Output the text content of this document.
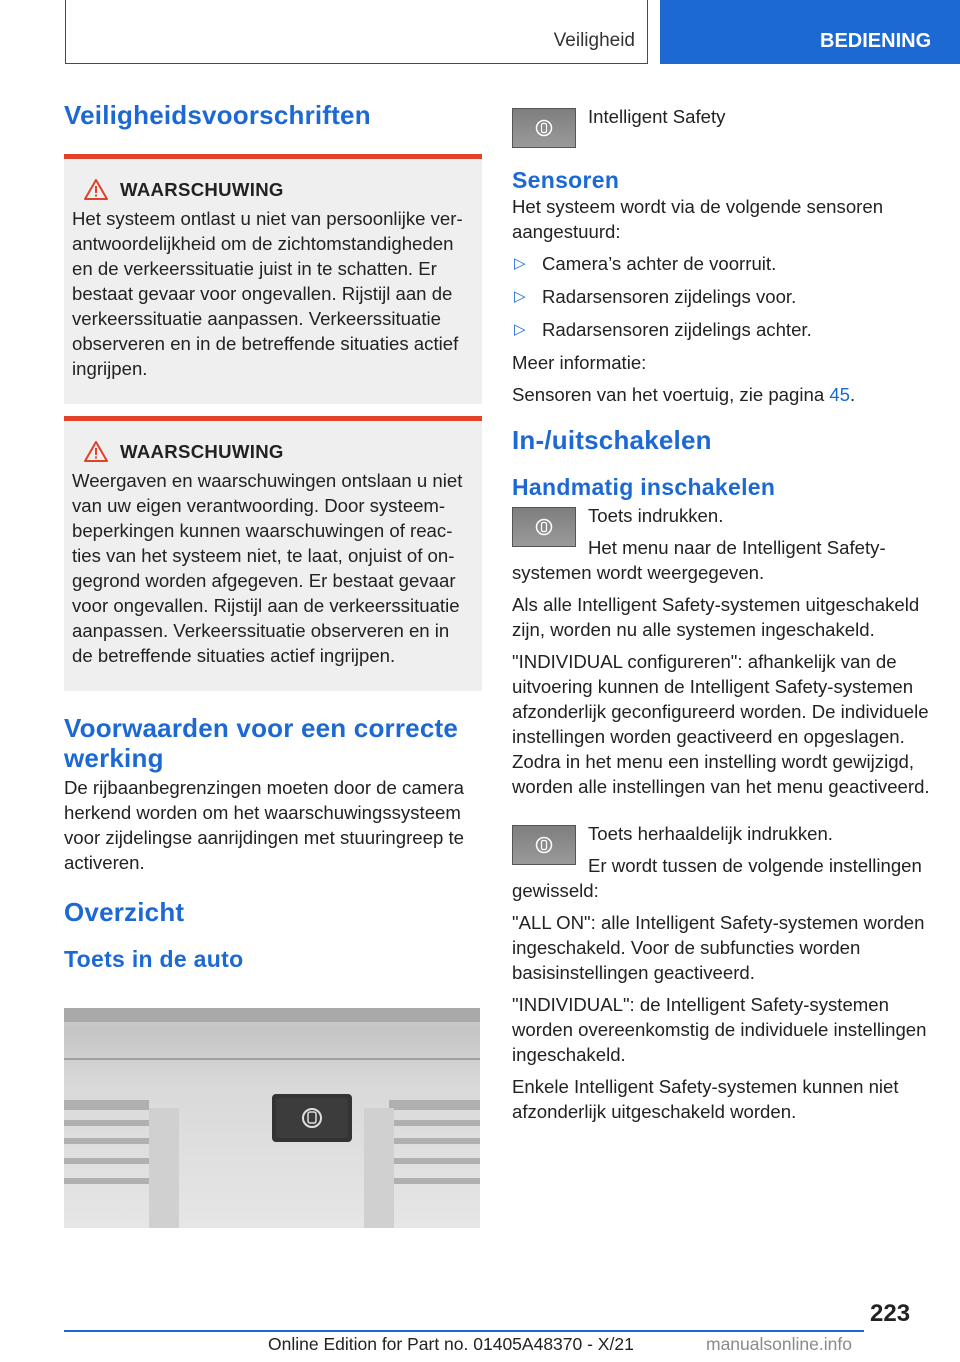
Veiligheid	BEDIENING
Veiligheidsvoorschriften
WAARSCHUWING

Het systeem ontlast u niet van persoonlijke verantwoordelijkheid om de zichtomstandigheden en de verkeerssituatie juist in te schatten. Er bestaat gevaar voor ongevallen. Rijstijl aan de verkeerssituatie aanpassen. Verkeerssituatie observeren en in de betreffende situaties actief ingrijpen.

WAARSCHUWING

Weergaven en waarschuwingen ontslaan u niet van uw eigen verantwoording. Door systeembeperkingen kunnen waarschuwingen of reacties van het systeem niet, te laat, onjuist of ongegrond worden afgegeven. Er bestaat gevaar voor ongevallen. Rijstijl aan de verkeerssituatie aanpassen. Verkeerssituatie observeren en in de betreffende situaties actief ingrijpen.

Voorwaarden voor een correcte werking

De rijbaanbegrenzingen moeten door de camera herkend worden om het waarschuwingssysteem voor zijdelingse aanrijdingen met stuuringreep te activeren.

Overzicht
Toets in de auto

Intelligent Safety

Sensoren

Het systeem wordt via de volgende sensoren aangestuurd:

▷ Camera’s achter de voorruit.
▷ Radarsensoren zijdelings voor.
▷ Radarsensoren zijdelings achter.

Meer informatie:

Sensoren van het voertuig, zie pagina 45.

In-/uitschakelen
Handmatig inschakelen

Toets indrukken.

Het menu naar de Intelligent Safety-systemen wordt weergegeven.

Als alle Intelligent Safety-systemen uitgeschakeld zijn, worden nu alle systemen ingeschakeld.

"INDIVIDUAL configureren": afhankelijk van de uitvoering kunnen de Intelligent Safety-systemen afzonderlijk geconfigureerd worden. De individuele instellingen worden geactiveerd en opgeslagen. Zodra in het menu een instelling wordt gewijzigd, worden alle instellingen van het menu geactiveerd.

Toets herhaaldelijk indrukken.

Er wordt tussen de volgende instellingen gewisseld:

"ALL ON": alle Intelligent Safety-systemen worden ingeschakeld. Voor de subfuncties worden basisinstellingen geactiveerd.

"INDIVIDUAL": de Intelligent Safety-systemen worden overeenkomstig de individuele instellingen ingeschakeld.

Enkele Intelligent Safety-systemen kunnen niet afzonderlijk uitgeschakeld worden.

223
Online Edition for Part no. 01405A48370 - X/21	manualsonline.info
